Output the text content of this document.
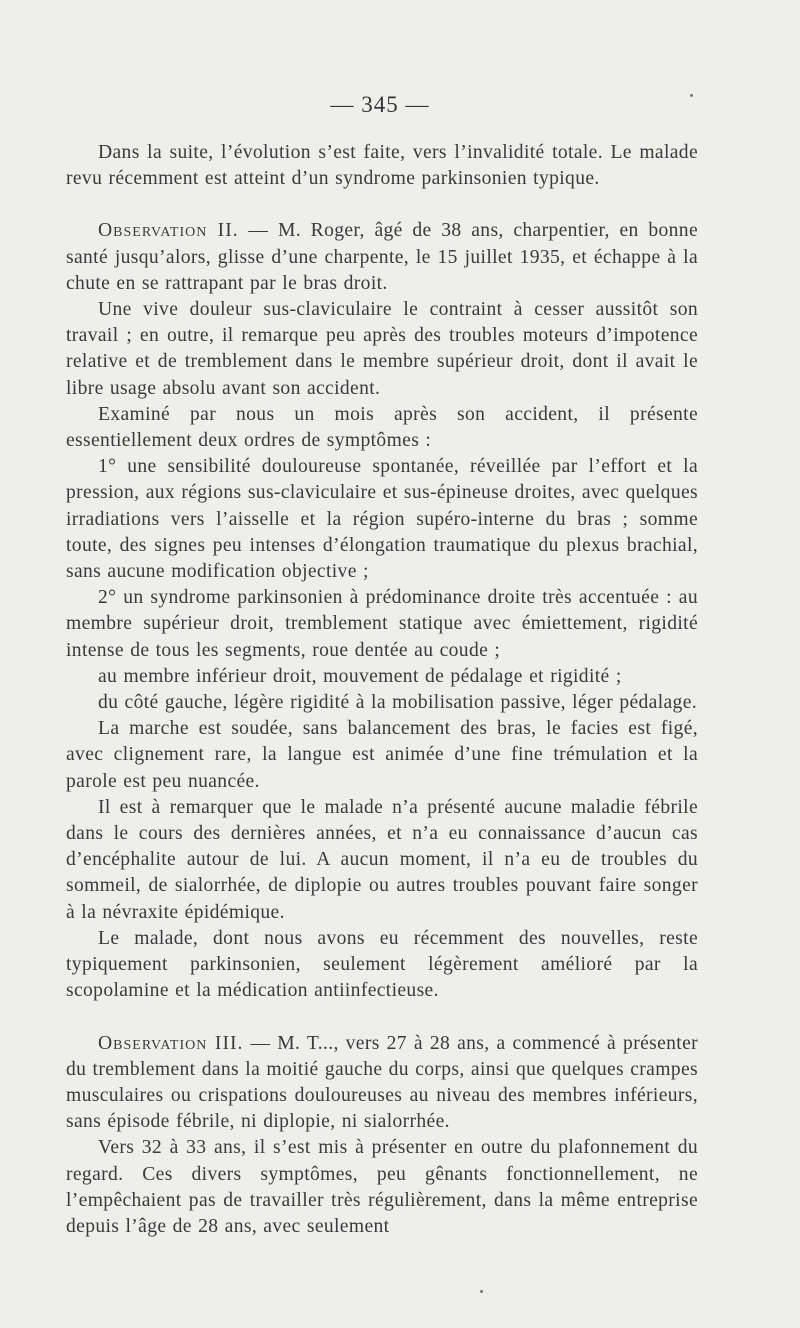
— 345 —

Dans la suite, l’évolution s’est faite, vers l’invalidité totale. Le malade revu récemment est atteint d’un syndrome parkinsonien typique.

Observation II. — M. Roger, âgé de 38 ans, charpentier, en bonne santé jusqu’alors, glisse d’une charpente, le 15 juillet 1935, et échappe à la chute en se rattrapant par le bras droit.

Une vive douleur sus-claviculaire le contraint à cesser aussitôt son travail ; en outre, il remarque peu après des troubles moteurs d’impotence relative et de tremblement dans le membre supérieur droit, dont il avait le libre usage absolu avant son accident.

Examiné par nous un mois après son accident, il présente essentiellement deux ordres de symptômes :

1° une sensibilité douloureuse spontanée, réveillée par l’effort et la pression, aux régions sus-claviculaire et sus-épineuse droites, avec quelques irradiations vers l’aisselle et la région supéro-interne du bras ; somme toute, des signes peu intenses d’élongation traumatique du plexus brachial, sans aucune modification objective ;

2° un syndrome parkinsonien à prédominance droite très accentuée : au membre supérieur droit, tremblement statique avec émiettement, rigidité intense de tous les segments, roue dentée au coude ;

au membre inférieur droit, mouvement de pédalage et rigidité ;

du côté gauche, légère rigidité à la mobilisation passive, léger pédalage.

La marche est soudée, sans balancement des bras, le facies est figé, avec clignement rare, la langue est animée d’une fine trémulation et la parole est peu nuancée.

Il est à remarquer que le malade n’a présenté aucune maladie fébrile dans le cours des dernières années, et n’a eu connaissance d’aucun cas d’encéphalite autour de lui. A aucun moment, il n’a eu de troubles du sommeil, de sialorrhée, de diplopie ou autres troubles pouvant faire songer à la névraxite épidémique.

Le malade, dont nous avons eu récemment des nouvelles, reste typiquement parkinsonien, seulement légèrement amélioré par la scopolamine et la médication antiinfectieuse.

Observation III. — M. T..., vers 27 à 28 ans, a commencé à présenter du tremblement dans la moitié gauche du corps, ainsi que quelques crampes musculaires ou crispations douloureuses au niveau des membres inférieurs, sans épisode fébrile, ni diplopie, ni sialorrhée.

Vers 32 à 33 ans, il s’est mis à présenter en outre du plafonnement du regard. Ces divers symptômes, peu gênants fonctionnellement, ne l’empêchaient pas de travailler très régulièrement, dans la même entreprise depuis l’âge de 28 ans, avec seulement
